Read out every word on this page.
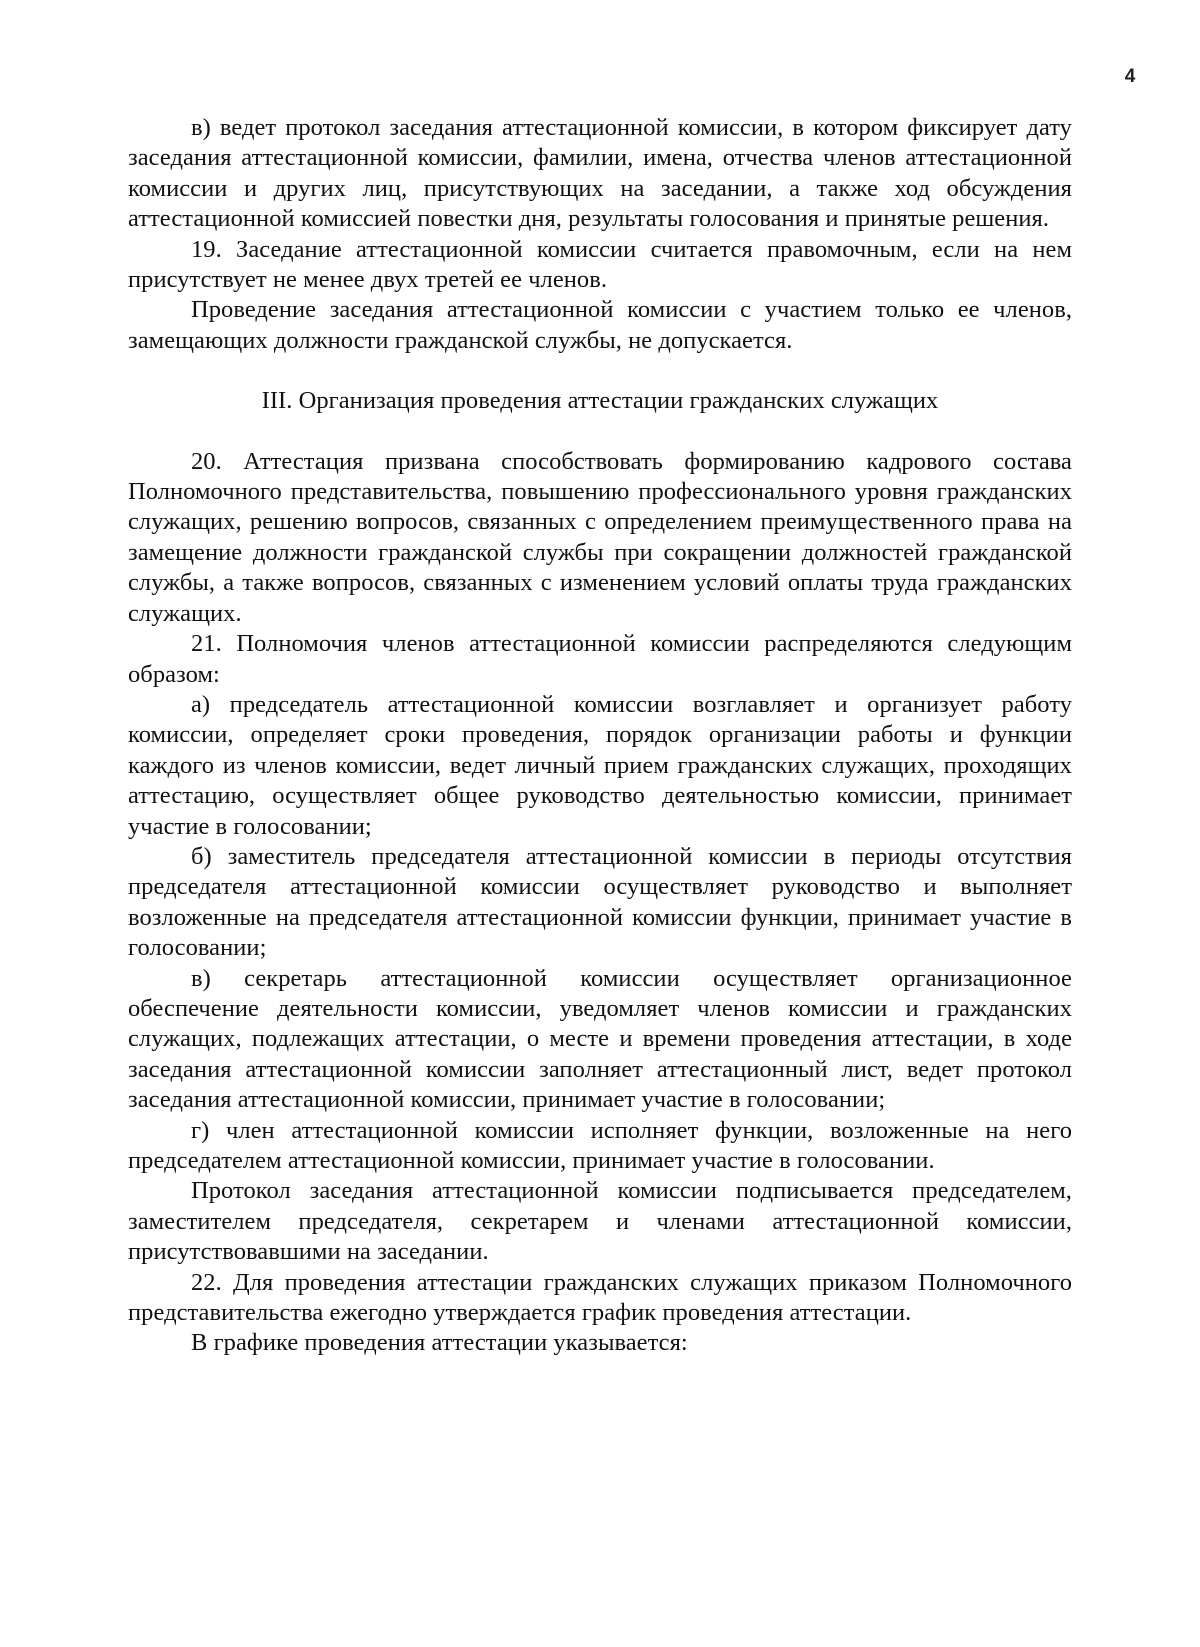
4

в) ведет протокол заседания аттестационной комиссии, в котором фиксирует дату заседания аттестационной комиссии, фамилии, имена, отчества членов аттестационной комиссии и других лиц, присутствующих на заседании, а также ход обсуждения аттестационной комиссией повестки дня, результаты голосования и принятые решения.

19. Заседание аттестационной комиссии считается правомочным, если на нем присутствует не менее двух третей ее членов.

Проведение заседания аттестационной комиссии с участием только ее членов, замещающих должности гражданской службы, не допускается.

III. Организация проведения аттестации гражданских служащих

20. Аттестация призвана способствовать формированию кадрового состава Полномочного представительства, повышению профессионального уровня гражданских служащих, решению вопросов, связанных с определением преимущественного права на замещение должности гражданской службы при сокращении должностей гражданской службы, а также вопросов, связанных с изменением условий оплаты труда гражданских служащих.

21. Полномочия членов аттестационной комиссии распределяются следующим образом:

а) председатель аттестационной комиссии возглавляет и организует работу комиссии, определяет сроки проведения, порядок организации работы и функции каждого из членов комиссии, ведет личный прием гражданских служащих, проходящих аттестацию, осуществляет общее руководство деятельностью комиссии, принимает участие в голосовании;

б) заместитель председателя аттестационной комиссии в периоды отсутствия председателя аттестационной комиссии осуществляет руководство и выполняет возложенные на председателя аттестационной комиссии функции, принимает участие в голосовании;

в) секретарь аттестационной комиссии осуществляет организационное обеспечение деятельности комиссии, уведомляет членов комиссии и гражданских служащих, подлежащих аттестации, о месте и времени проведения аттестации, в ходе заседания аттестационной комиссии заполняет аттестационный лист, ведет протокол заседания аттестационной комиссии, принимает участие в голосовании;

г) член аттестационной комиссии исполняет функции, возложенные на него председателем аттестационной комиссии, принимает участие в голосовании.

Протокол заседания аттестационной комиссии подписывается председателем, заместителем председателя, секретарем и членами аттестационной комиссии, присутствовавшими на заседании.

22. Для проведения аттестации гражданских служащих приказом Полномочного представительства ежегодно утверждается график проведения аттестации.

В графике проведения аттестации указывается:
